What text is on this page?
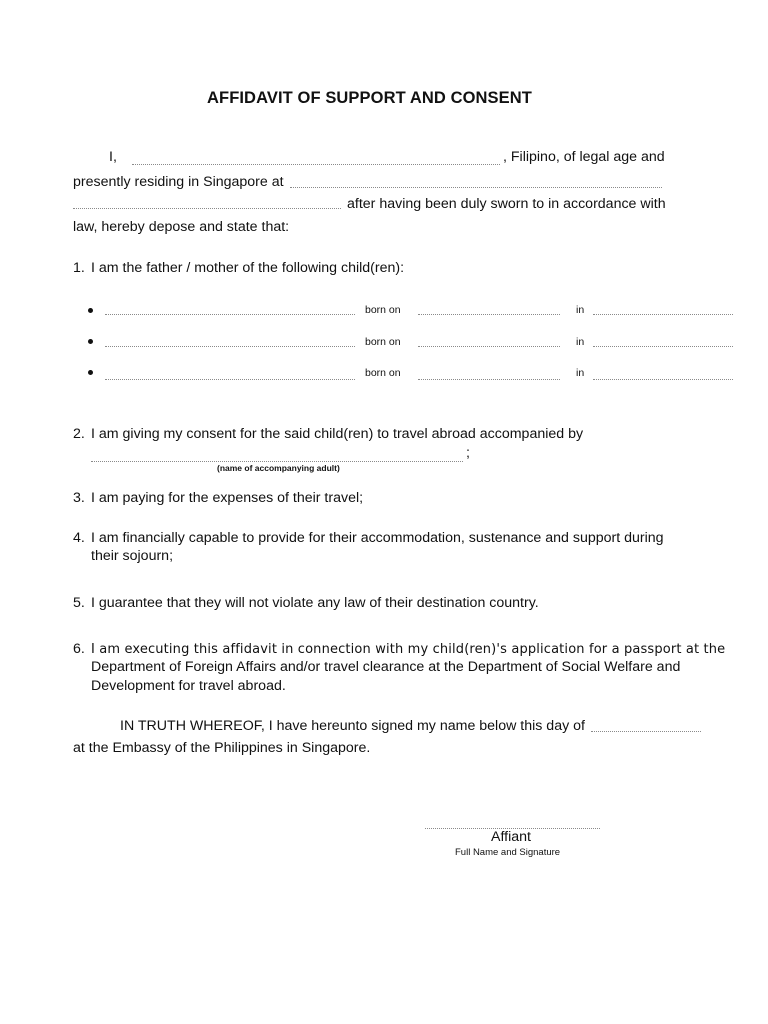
AFFIDAVIT OF SUPPORT AND CONSENT
I,	, Filipino, of legal age and
presently residing in Singapore at
after having been duly sworn to in accordance with
law, hereby depose and state that:
1. I am the father / mother of the following child(ren):
born on	in
born on	in
born on	in
2. I am giving my consent for the said child(ren) to travel abroad accompanied by
;
(name of accompanying adult)
3. I am paying for the expenses of their travel;
4. I am financially capable to provide for their accommodation, sustenance and support during
their sojourn;
5. I guarantee that they will not violate any law of their destination country.
6. I am executing this affidavit in connection with my child(ren)'s application for a passport at the
Department of Foreign Affairs and/or travel clearance at the Department of Social Welfare and
Development for travel abroad.
IN TRUTH WHEREOF, I have hereunto signed my name below this day of
at the Embassy of the Philippines in Singapore.
Affiant
Full Name and Signature
